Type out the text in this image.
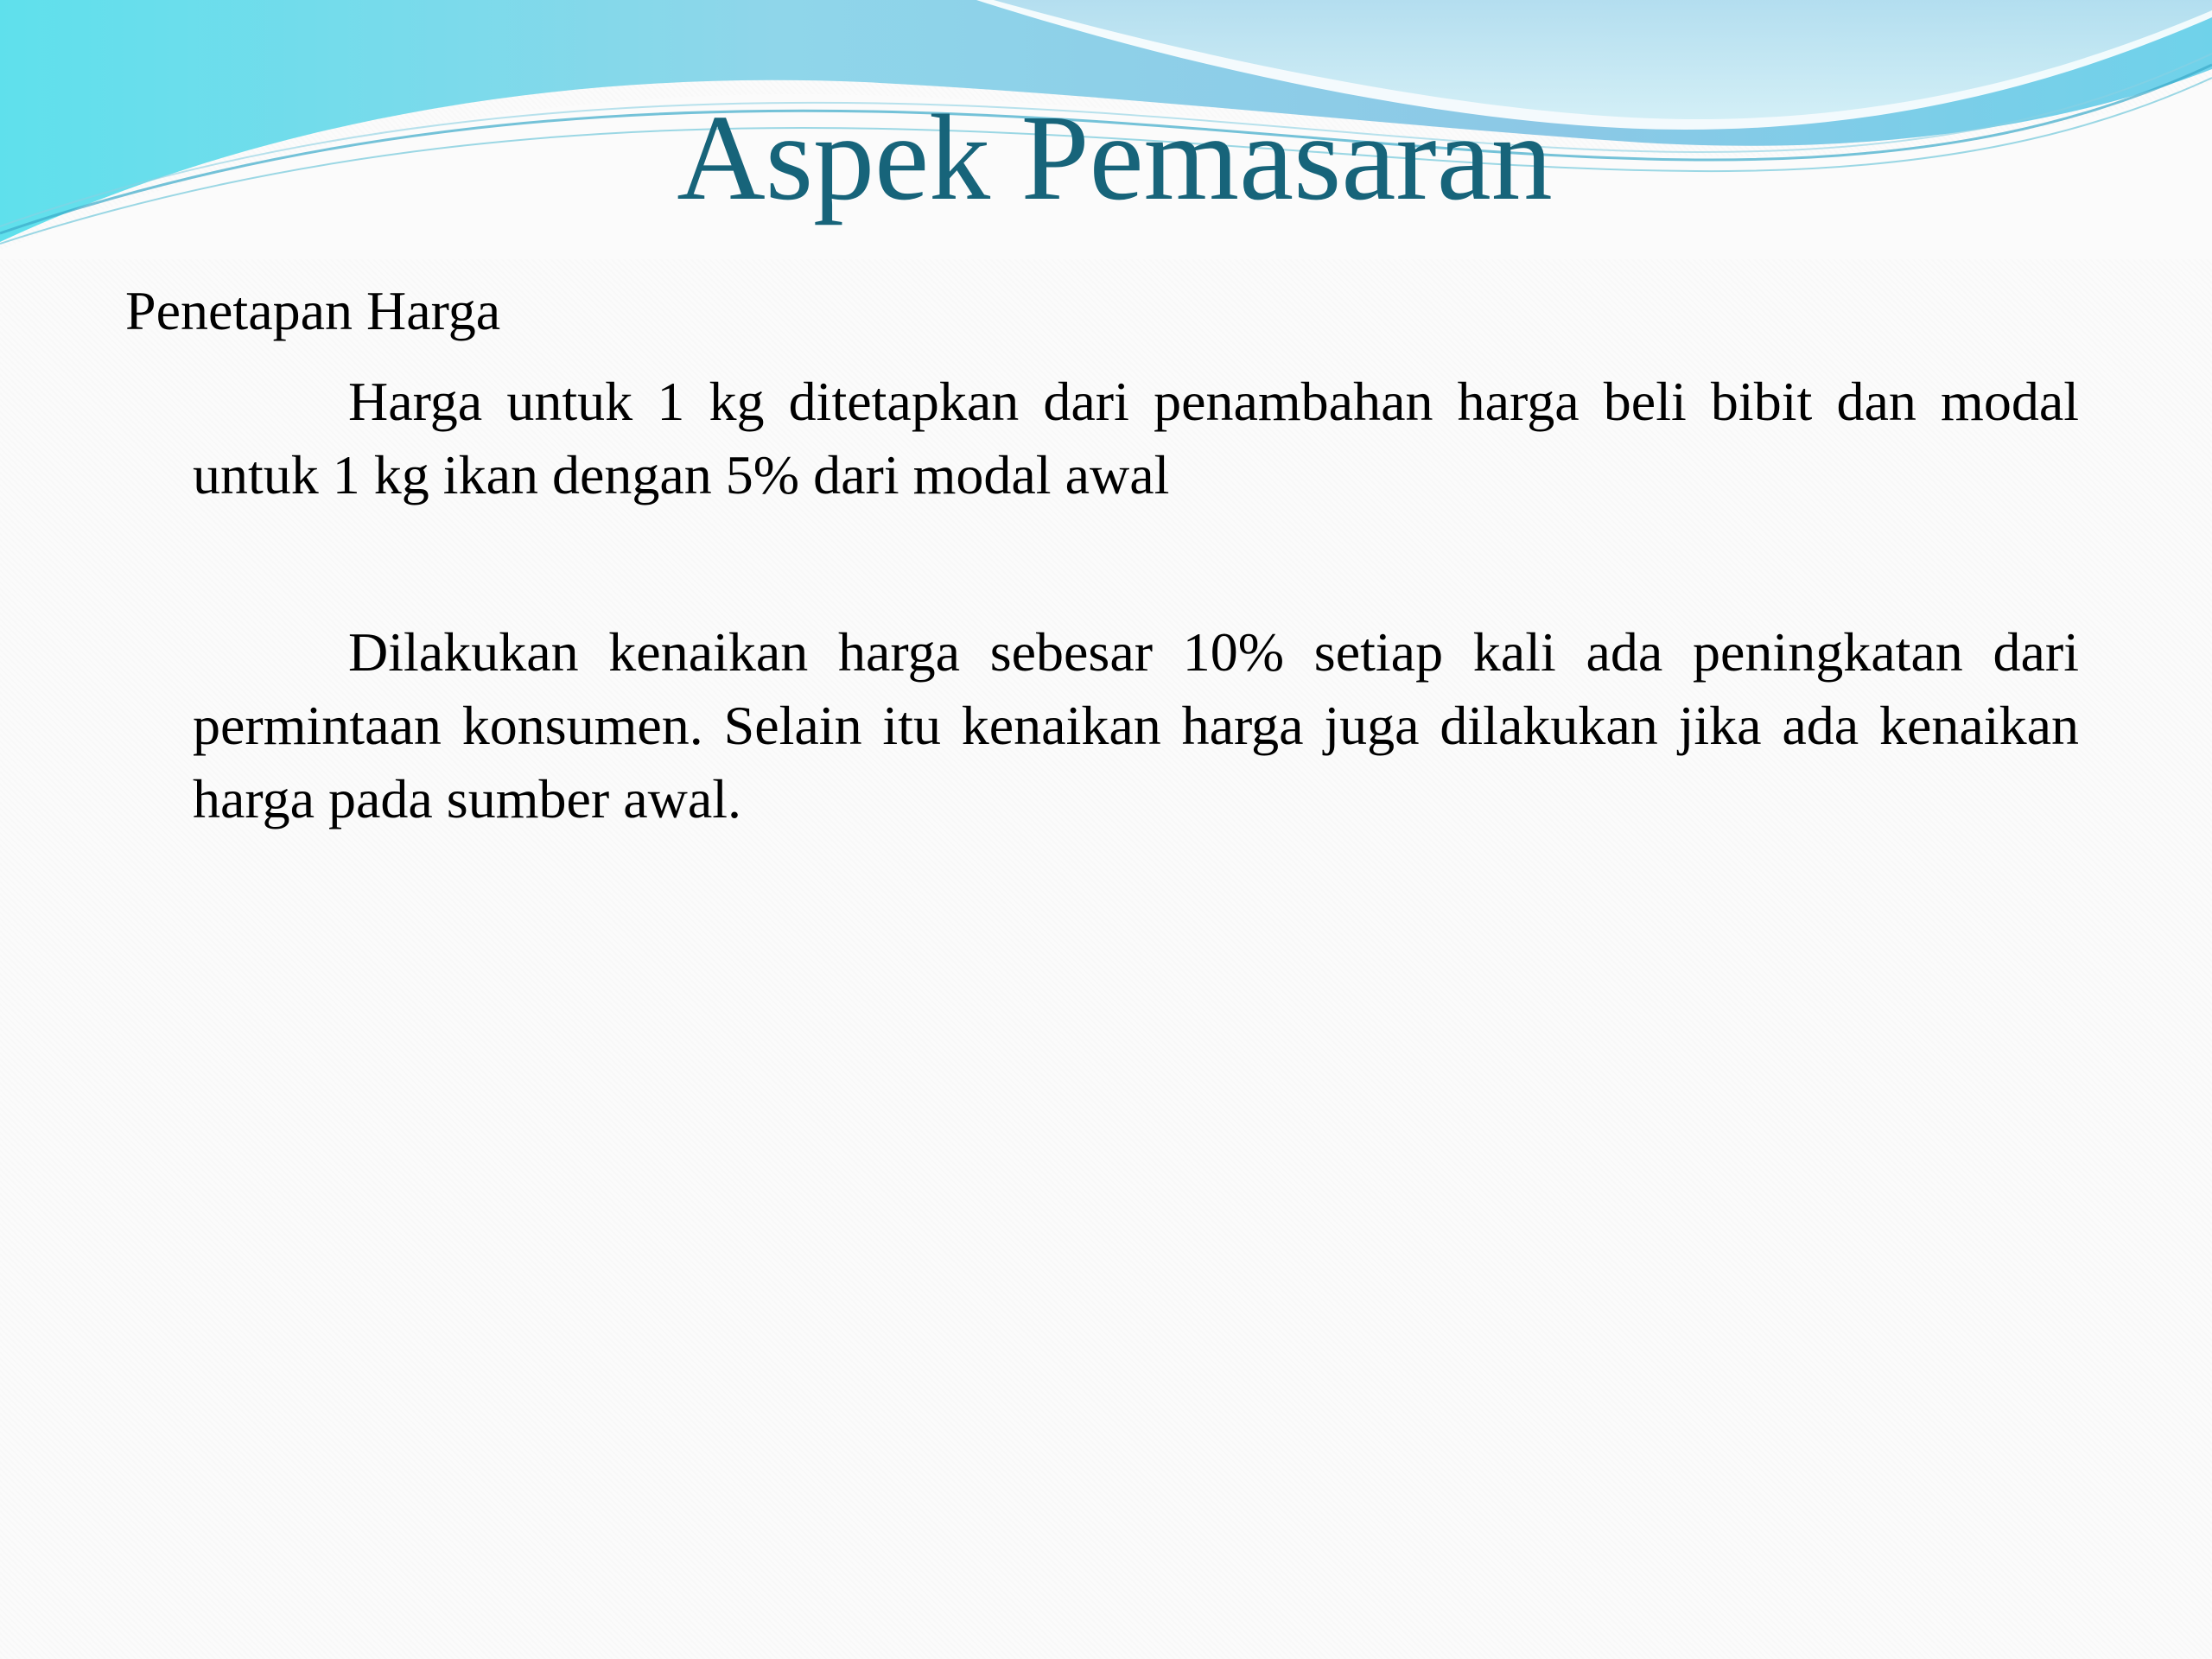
Aspek Pemasaran

Penetapan Harga

Harga untuk 1 kg ditetapkan dari penambahan harga beli bibit dan modal untuk 1 kg ikan dengan 5% dari modal awal

Dilakukan kenaikan harga sebesar 10% setiap kali ada peningkatan dari permintaan konsumen. Selain itu kenaikan harga juga dilakukan jika ada kenaikan harga pada sumber awal.
